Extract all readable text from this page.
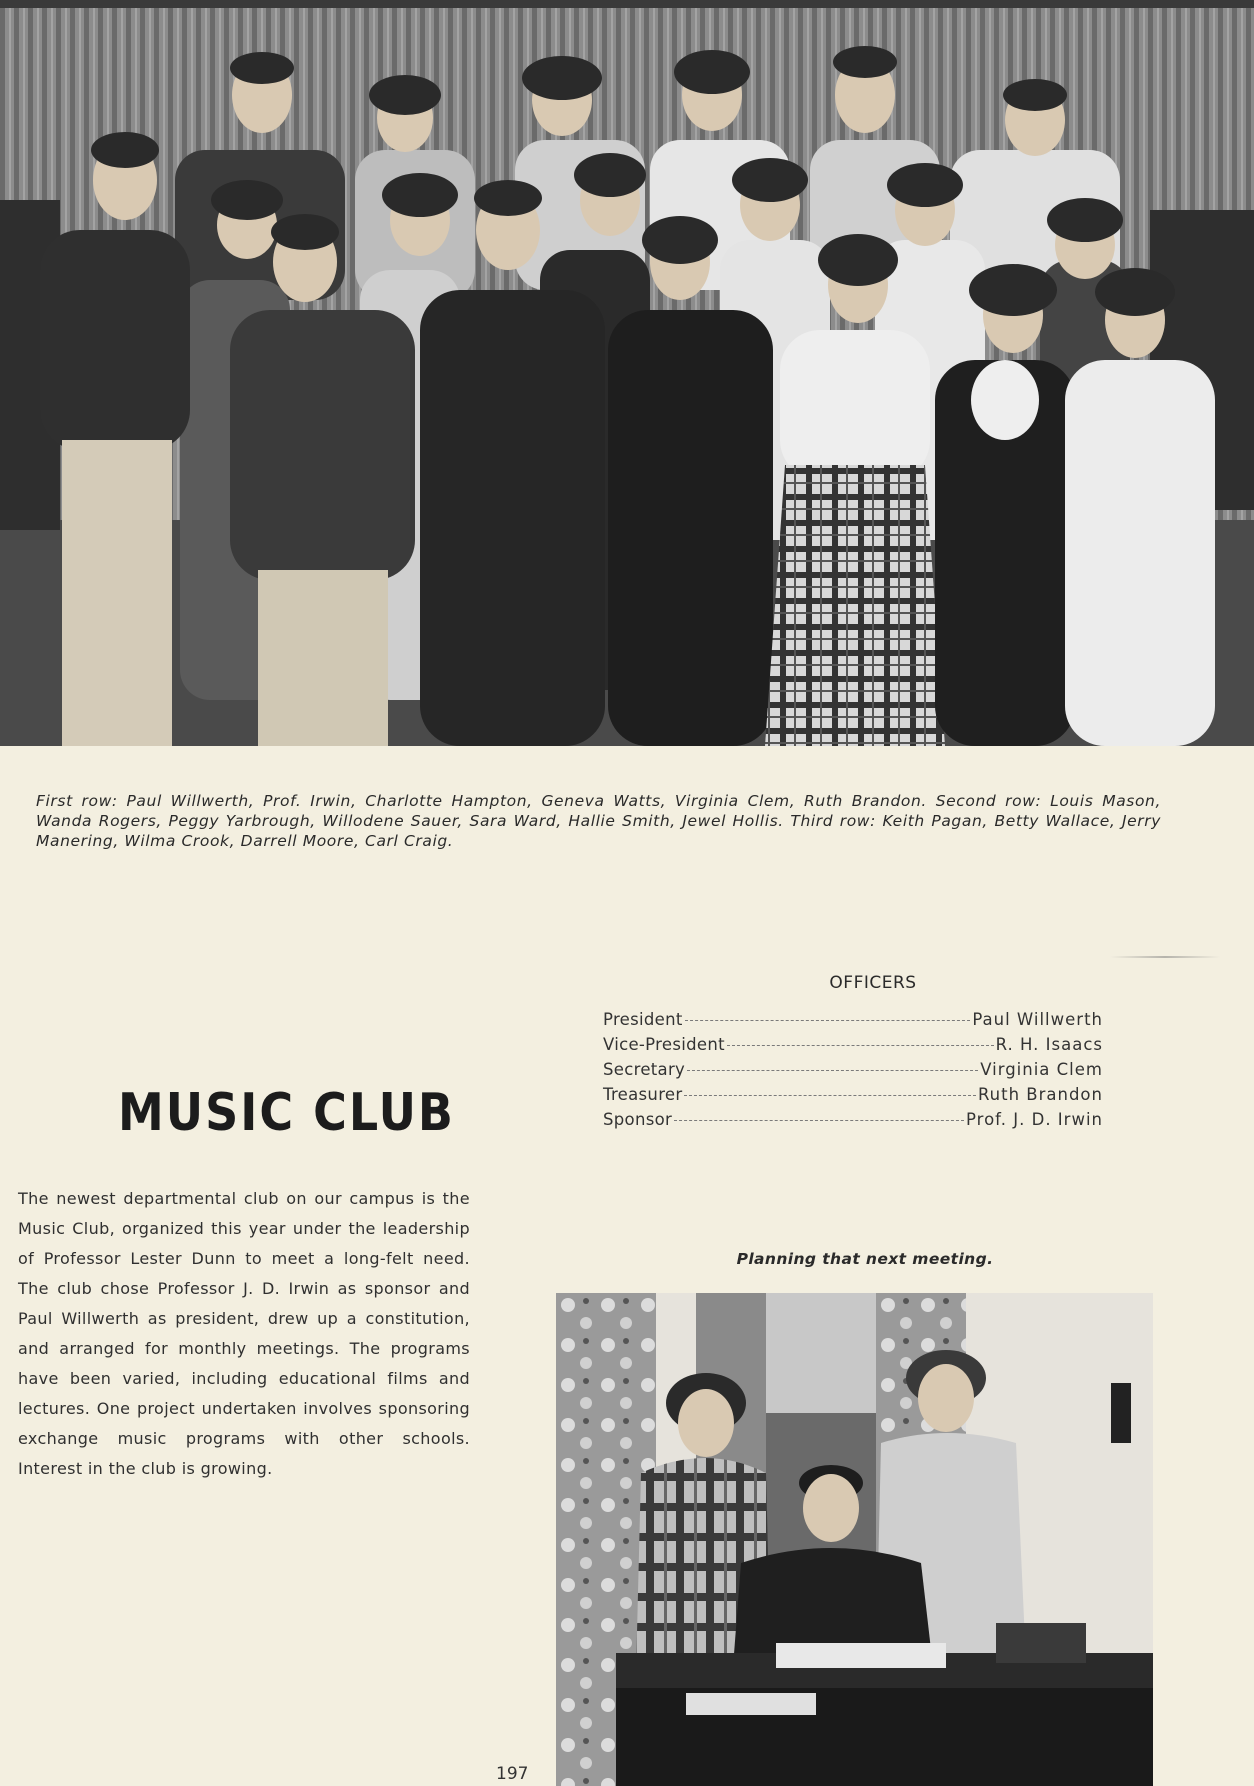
First row: Paul Willwerth, Prof. Irwin, Charlotte Hampton, Geneva Watts, Virginia Clem, Ruth Brandon. Second row: Louis Mason, Wanda Rogers, Peggy Yarbrough, Willodene Sauer, Sara Ward, Hallie Smith, Jewel Hollis. Third row: Keith Pagan, Betty Wallace, Jerry Manering, Wilma Crook, Darrell Moore, Carl Craig.
OFFICERS
President	Paul Willwerth
Vice-President	R. H. Isaacs
Secretary	Virginia Clem
Treasurer	Ruth Brandon
Sponsor	Prof. J. D. Irwin
MUSIC CLUB
The newest departmental club on our campus is the Music Club, organized this year under the leadership of Professor Lester Dunn to meet a long-felt need. The club chose Professor J. D. Irwin as sponsor and Paul Willwerth as president, drew up a constitution, and arranged for monthly meetings. The programs have been varied, including educational films and lectures. One project undertaken involves sponsoring exchange music programs with other schools. Interest in the club is growing.
Planning that next meeting.
197
